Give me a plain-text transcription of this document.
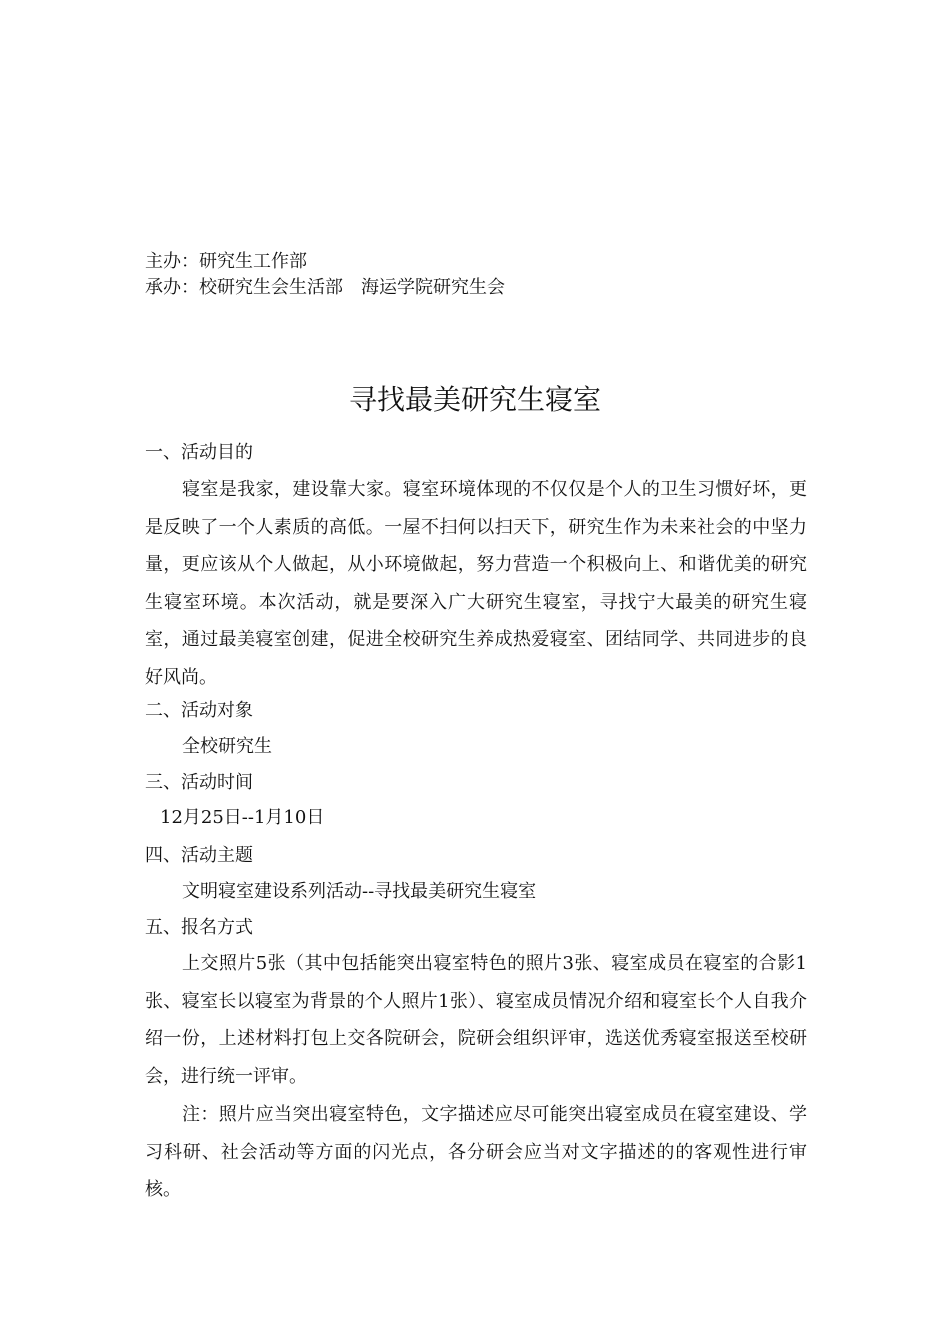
主办：研究生工作部
承办：校研究生会生活部　海运学院研究生会
寻找最美研究生寝室
一、活动目的

寝室是我家，建设靠大家。寝室环境体现的不仅仅是个人的卫生习惯好坏，更是反映了一个人素质的高低。一屋不扫何以扫天下，研究生作为未来社会的中坚力量，更应该从个人做起，从小环境做起，努力营造一个积极向上、和谐优美的研究生寝室环境。本次活动，就是要深入广大研究生寝室，寻找宁大最美的研究生寝室，通过最美寝室创建，促进全校研究生养成热爱寝室、团结同学、共同进步的良好风尚。

二、活动对象
全校研究生
三、活动时间
12月25日--1月10日
四、活动主题
文明寝室建设系列活动--寻找最美研究生寝室
五、报名方式

上交照片5张（其中包括能突出寝室特色的照片3张、寝室成员在寝室的合影1张、寝室长以寝室为背景的个人照片1张）、寝室成员情况介绍和寝室长个人自我介绍一份，上述材料打包上交各院研会，院研会组织评审，选送优秀寝室报送至校研会，进行统一评审。

注：照片应当突出寝室特色，文字描述应尽可能突出寝室成员在寝室建设、学习科研、社会活动等方面的闪光点，各分研会应当对文字描述的的客观性进行审核。
